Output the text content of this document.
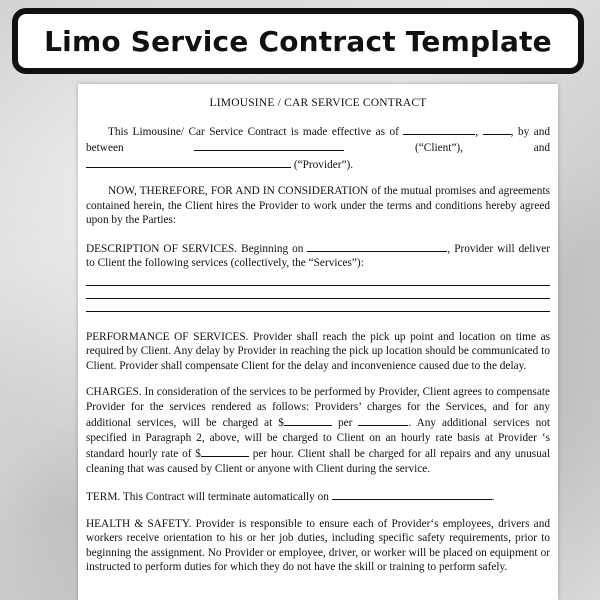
Limo Service Contract Template
LIMOUSINE / CAR SERVICE CONTRACT

This Limousine/ Car Service Contract is made effective as of	,	, by and between	(“Client”), and  (“Provider”).

NOW, THEREFORE, FOR AND IN CONSIDERATION of the mutual promises and agreements contained herein, the Client hires the Provider to work under the terms and conditions hereby agreed upon by the Parties:

DESCRIPTION OF SERVICES. Beginning on	, Provider will deliver to Client the following services (collectively, the “Services”):

PERFORMANCE OF SERVICES. Provider shall reach the pick up point and location on time as required by Client. Any delay by Provider in reaching the pick up location should be communicated to Client. Provider shall compensate Client for the delay and inconvenience caused due to the delay.

CHARGES. In consideration of the services to be performed by Provider, Client agrees to compensate Provider for the services rendered as follows: Providers’ charges for the Services, and for any additional services, will be charged at $	per	. Any additional services not specified in Paragraph 2, above, will be charged to Client on an hourly rate basis at Provider ‘s standard hourly rate of $	per hour. Client shall be charged for all repairs and any unusual cleaning that was caused by Client or anyone with Client during the service.

TERM. This Contract will terminate automatically on	.

HEALTH & SAFETY. Provider is responsible to ensure each of Provider‘s employees, drivers and workers receive orientation to his or her job duties, including specific safety requirements, prior to beginning the assignment. No Provider or employee, driver, or worker will be placed on equipment or instructed to perform duties for which they do not have the skill or training to perform safely.
